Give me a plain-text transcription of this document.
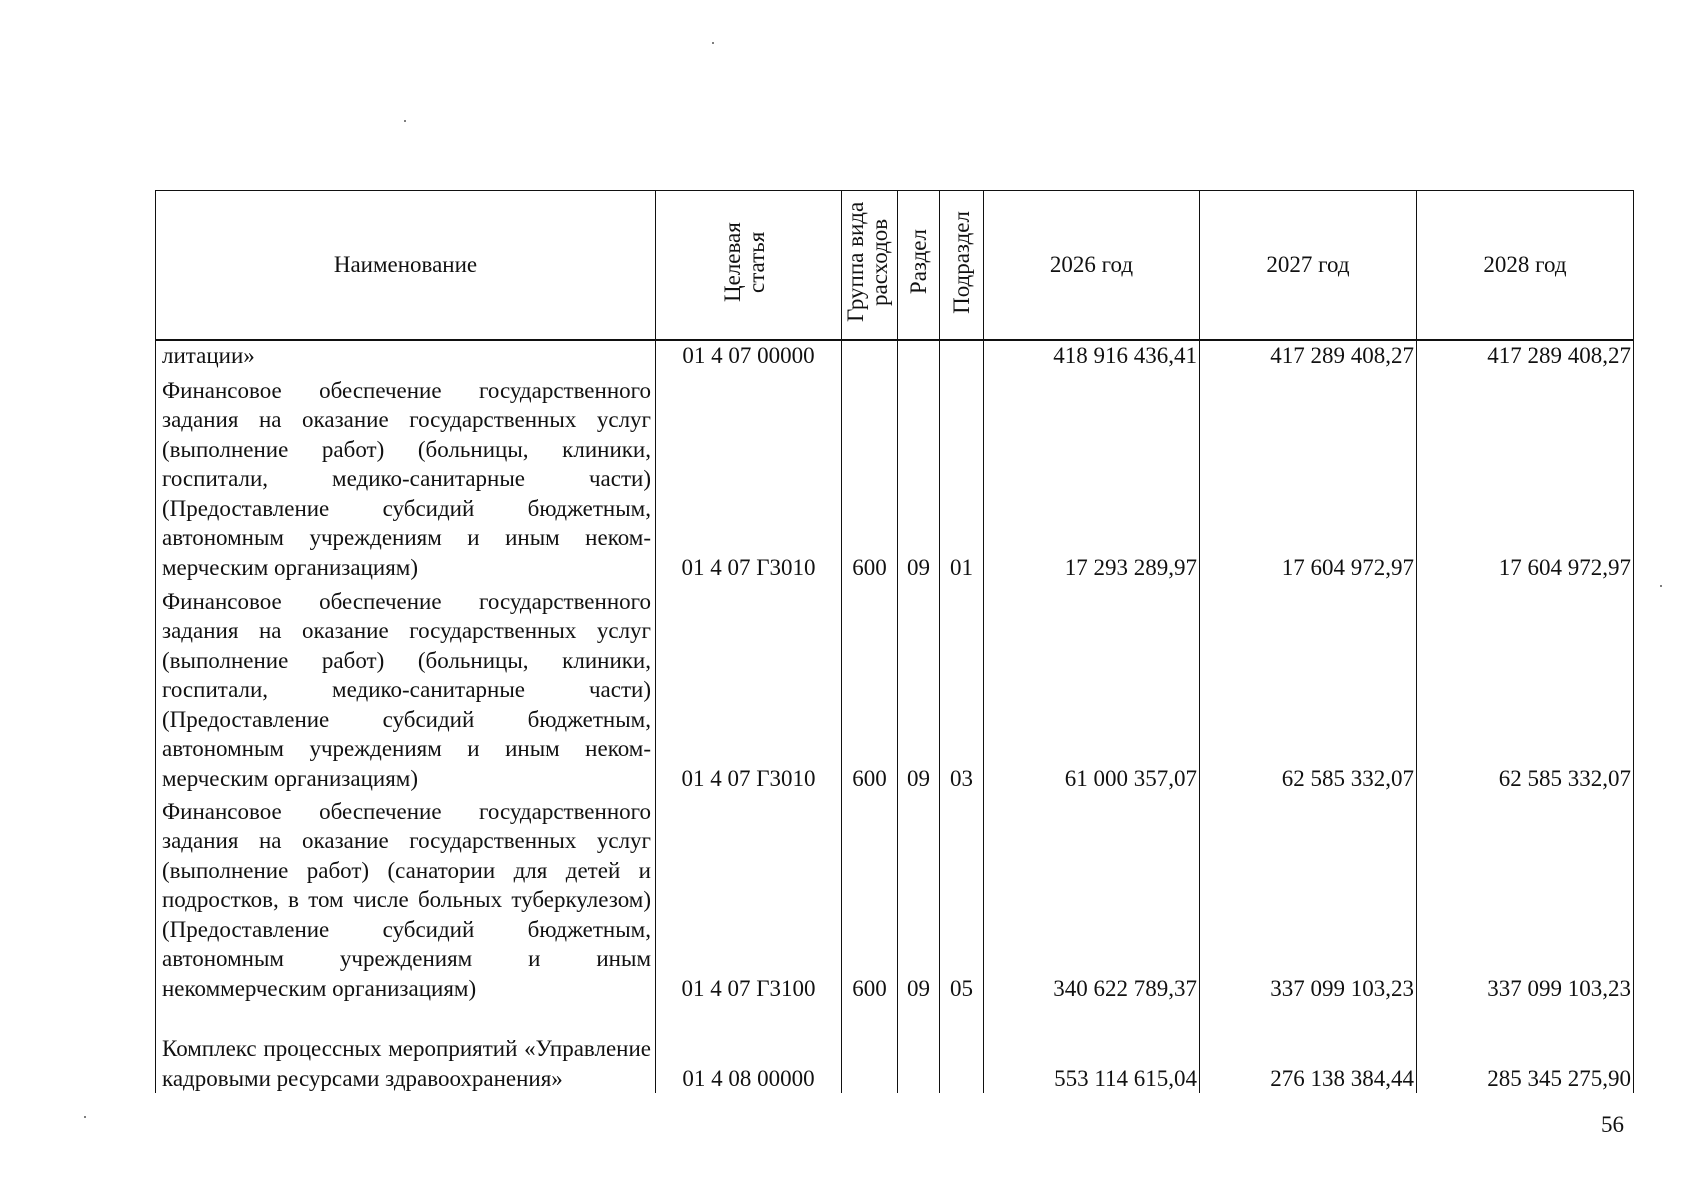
Наименование	Целевая статья	Группа вида расходов	Раздел	Подраздел	2026 год	2027 год	2028 год

литации»	01 4 07 00000				418 916 436,41	417 289 408,27	417 289 408,27

Финансовое обеспечение государственного задания на оказание государственных услуг (выполнение работ) (больницы, клиники, госпитали, медико-санитарные части) (Предоставление субсидий бюджетным, автономным учреждениям и иным некоммерческим организациям)	01 4 07 Г3010	600	09	01	17 293 289,97	17 604 972,97	17 604 972,97

Финансовое обеспечение государственного задания на оказание государственных услуг (выполнение работ) (больницы, клиники, госпитали, медико-санитарные части) (Предоставление субсидий бюджетным, автономным учреждениям и иным некоммерческим организациям)	01 4 07 Г3010	600	09	03	61 000 357,07	62 585 332,07	62 585 332,07

Финансовое обеспечение государственного задания на оказание государственных услуг (выполнение работ) (санатории для детей и подростков, в том числе больных туберкулезом) (Предоставление субсидий бюджетным, автономным учреждениям и иным некоммерческим организациям)	01 4 07 Г3100	600	09	05	340 622 789,37	337 099 103,23	337 099 103,23

Комплекс процессных мероприятий «Управление кадровыми ресурсами здравоохранения»	01 4 08 00000				553 114 615,04	276 138 384,44	285 345 275,90
56
